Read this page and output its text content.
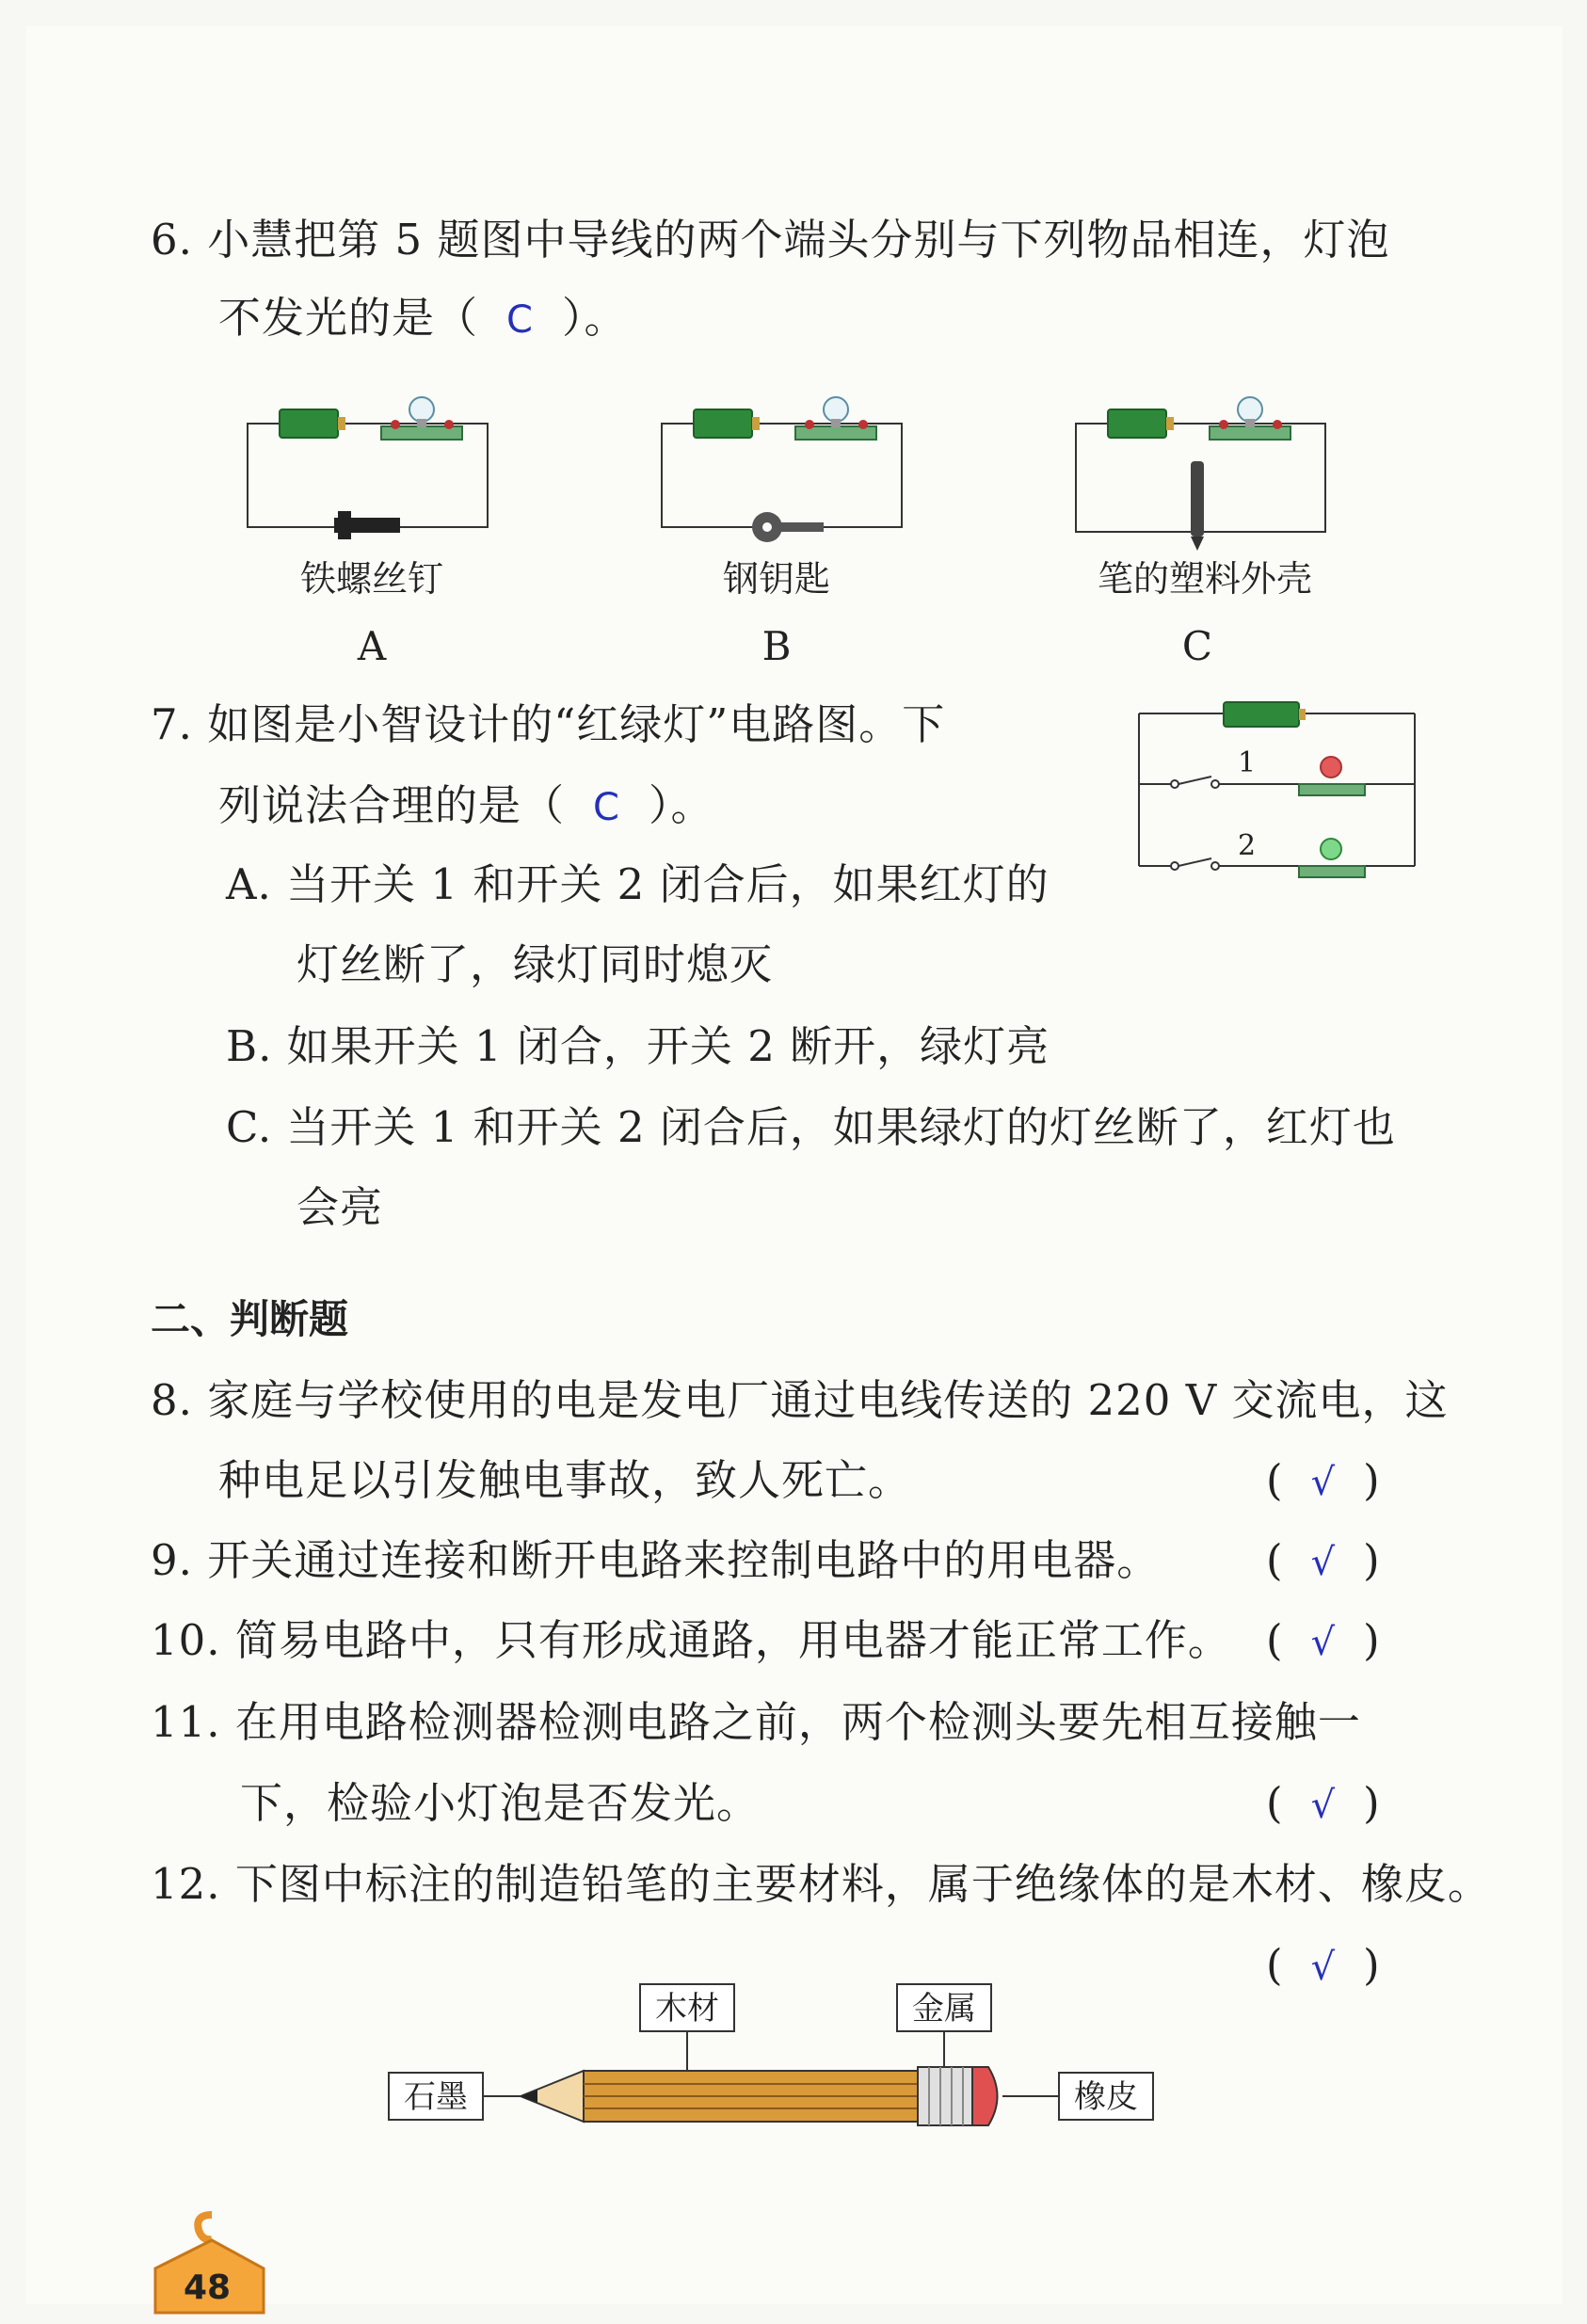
6. 小慧把第 5 题图中导线的两个端头分别与下列物品相连，灯泡
不发光的是（ C ）。
铁螺丝钉
A
钢钥匙
B
笔的塑料外壳
C
7. 如图是小智设计的“红绿灯”电路图。下
列说法合理的是（ C ）。
1
2
A. 当开关 1 和开关 2 闭合后，如果红灯的
灯丝断了，绿灯同时熄灭
B. 如果开关 1 闭合，开关 2 断开，绿灯亮
C. 当开关 1 和开关 2 闭合后，如果绿灯的灯丝断了，红灯也
会亮
二、判断题
8. 家庭与学校使用的电是发电厂通过电线传送的 220 V 交流电，这
种电足以引发触电事故，致人死亡。	( √ )
9. 开关通过连接和断开电路来控制电路中的用电器。	( √ )
10. 简易电路中，只有形成通路，用电器才能正常工作。 ( √ )
11. 在用电路检测器检测电路之前，两个检测头要先相互接触一
下，检验小灯泡是否发光。	( √ )
12. 下图中标注的制造铅笔的主要材料，属于绝缘体的是木材、橡皮。
( √ )
木材	金属
石墨	橡皮
48
